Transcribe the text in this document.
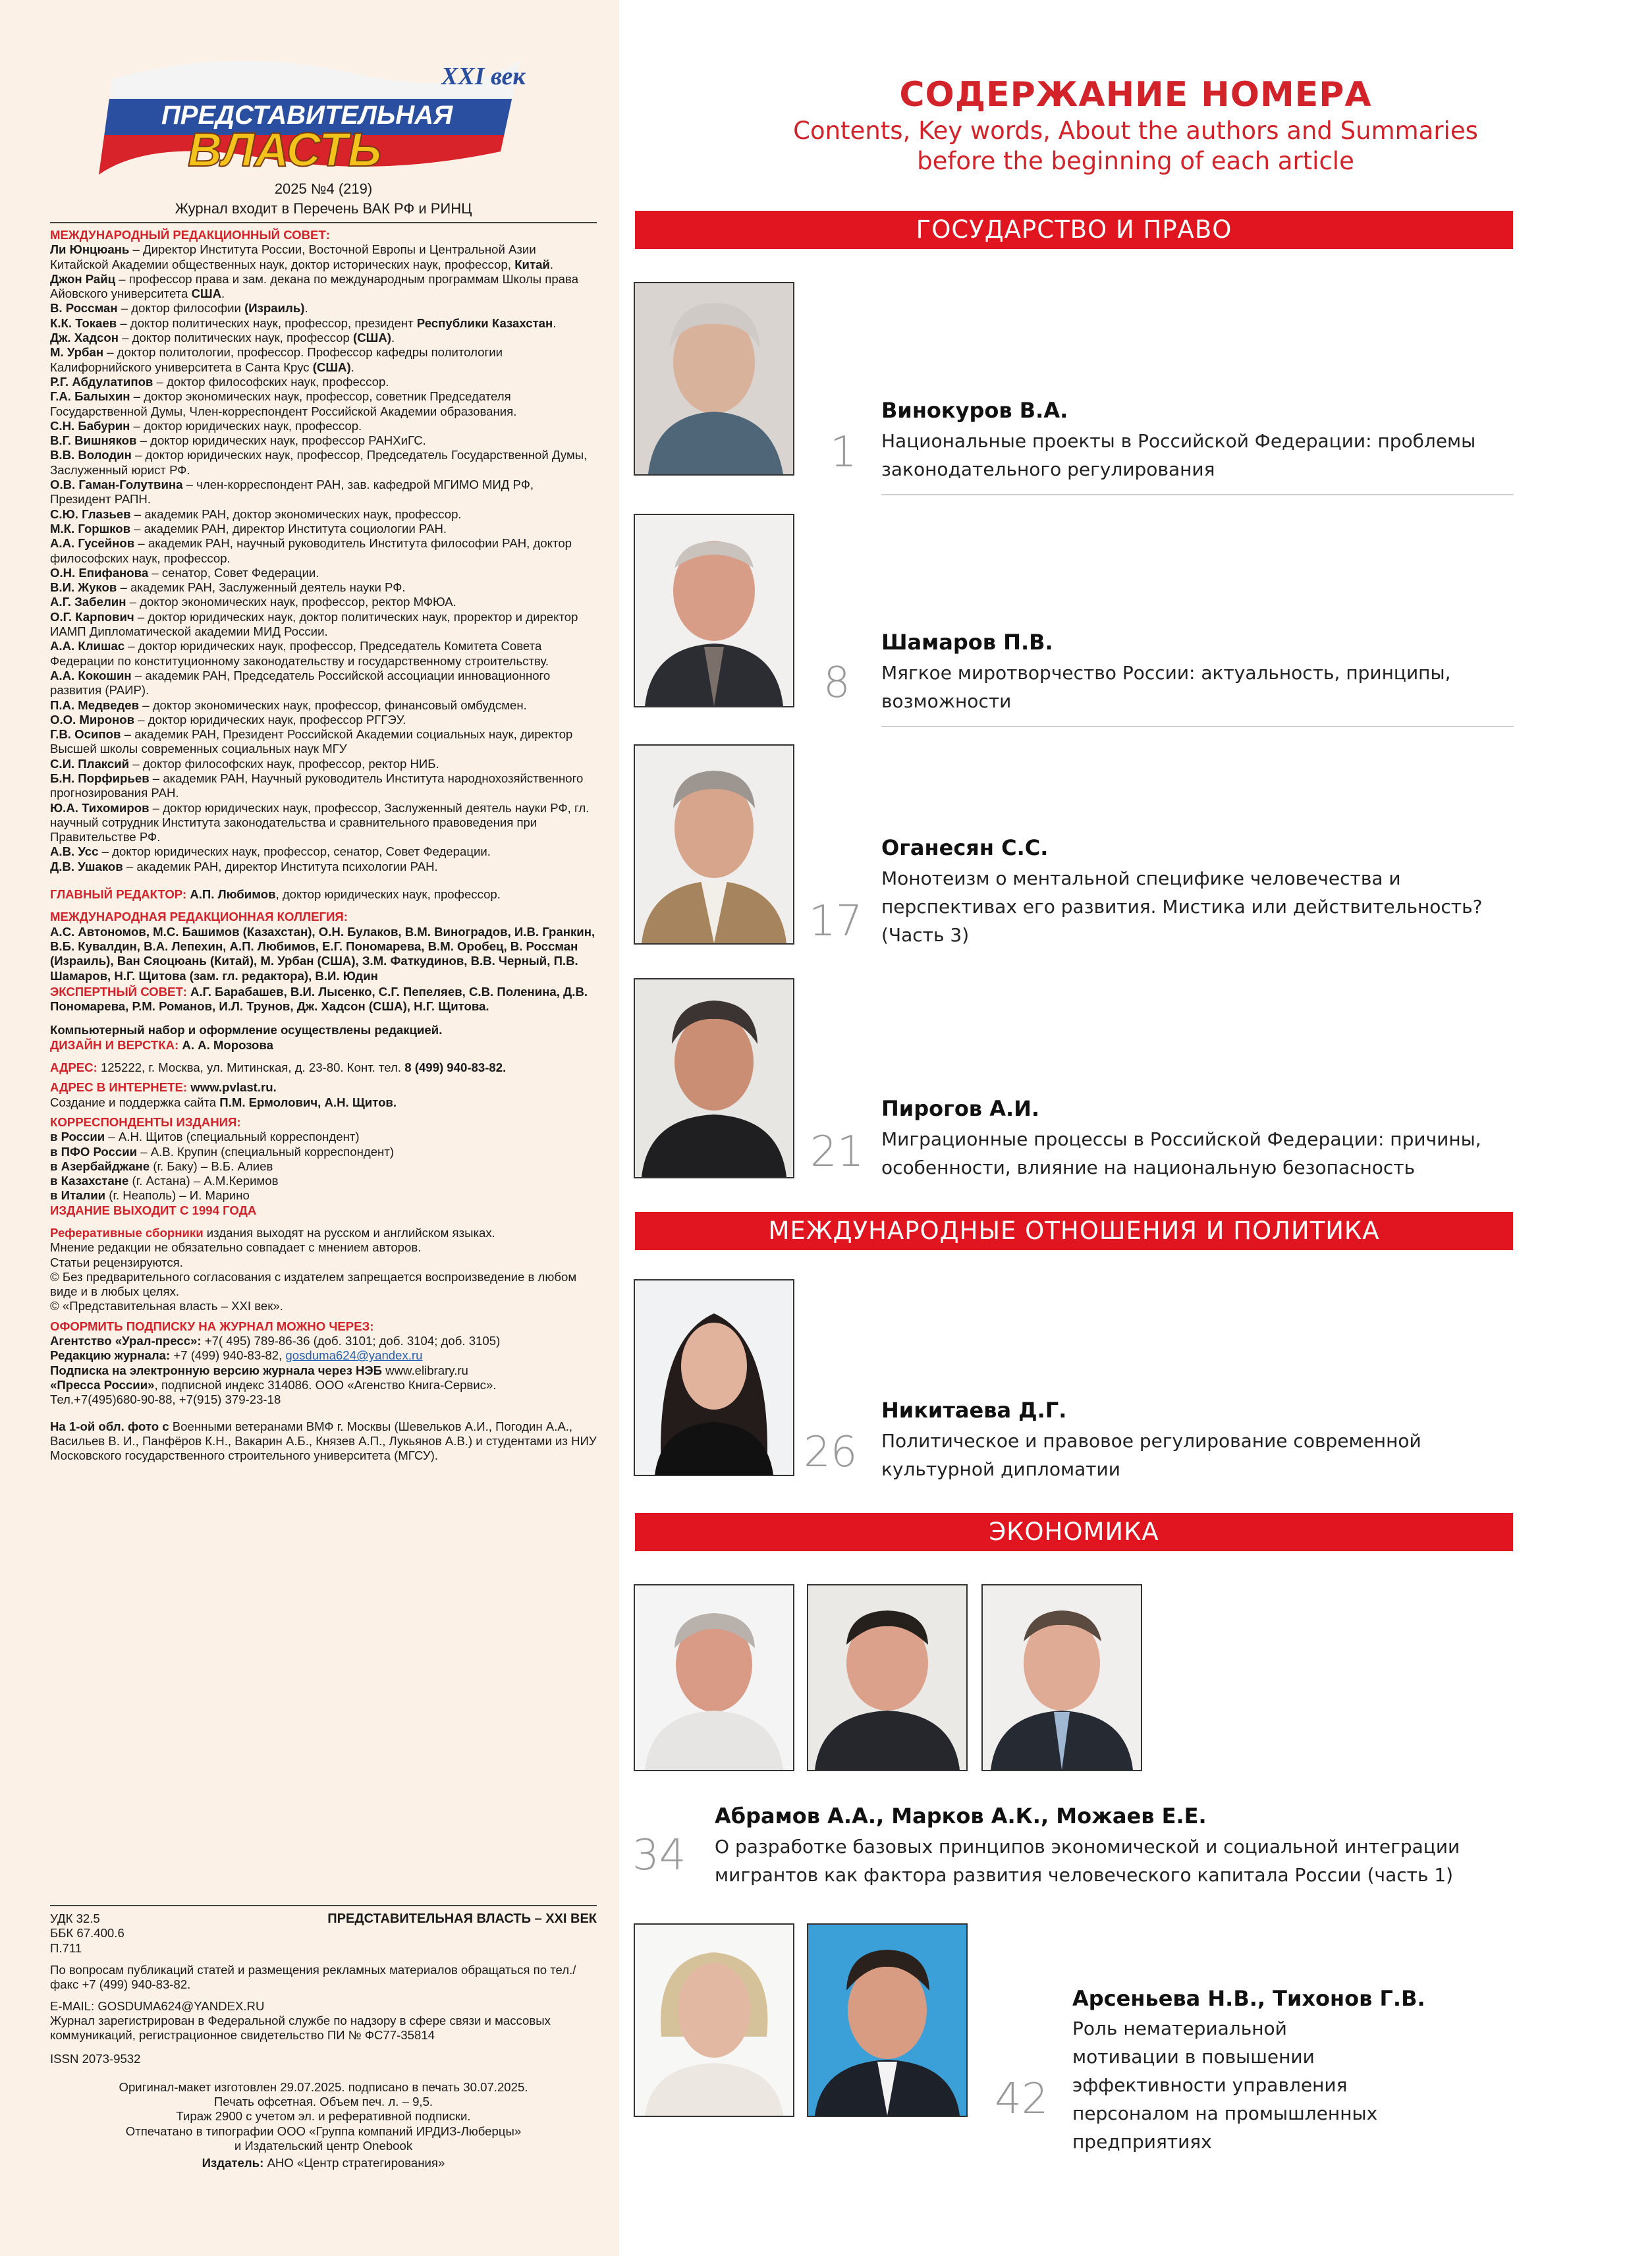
XXI век
ПРЕДСТАВИТЕЛЬНАЯ
ВЛАСТЬ
2025 №4 (219)
Журнал входит в Перечень ВАК РФ и РИНЦ
МЕЖДУНАРОДНЫЙ РЕДАКЦИОННЫЙ СОВЕТ:
Ли Юнцюань – Директор Института России, Восточной Европы и Центральной Азии Китайской Академии общественных наук, доктор исторических наук, профессор, Китай.
Джон Райц – профессор права и зам. декана по международным программам Школы права Айовского университета США.
В. Россман – доктор философии (Израиль).
К.К. Токаев – доктор политических наук, профессор, президент Республики Казахстан.
Дж. Хадсон – доктор политических наук, профессор (США).
М. Урбан – доктор политологии, профессор. Профессор кафедры политологии Калифорнийского университета в Санта Крус (США).
Р.Г. Абдулатипов – доктор философских наук, профессор.
Г.А. Балыхин – доктор экономических наук, профессор, советник Председателя Государственной Думы, Член-корреспондент Российской Академии образования.
С.Н. Бабурин – доктор юридических наук, профессор.
В.Г. Вишняков – доктор юридических наук, профессор РАНХиГС.
В.В. Володин – доктор юридических наук, профессор, Председатель Государственной Думы, Заслуженный юрист РФ.
О.В. Гаман-Голутвина – член-корреспондент РАН, зав. кафедрой МГИМО МИД РФ, Президент РАПН.
С.Ю. Глазьев – академик РАН, доктор экономических наук, профессор.
М.К. Горшков – академик РАН, директор Института социологии РАН.
А.А. Гусейнов – академик РАН, научный руководитель Института философии РАН, доктор философских наук, профессор.
О.Н. Епифанова – сенатор, Совет Федерации.
В.И. Жуков – академик РАН, Заслуженный деятель науки РФ.
А.Г. Забелин – доктор экономических наук, профессор, ректор МФЮА.
О.Г. Карпович – доктор юридических наук, доктор политических наук, проректор и директор ИАМП Дипломатической академии МИД России.
А.А. Клишас – доктор юридических наук, профессор, Председатель Комитета Совета Федерации по конституционному законодательству и государственному строительству.
А.А. Кокошин – академик РАН, Председатель Российской ассоциации инновационного развития (РАИР).
П.А. Медведев – доктор экономических наук, профессор, финансовый омбудсмен.
О.О. Миронов – доктор юридических наук, профессор РГГЭУ.
Г.В. Осипов – академик РАН, Президент Российской Академии социальных наук, директор Высшей школы современных социальных наук МГУ
С.И. Плаксий – доктор философских наук, профессор, ректор НИБ.
Б.Н. Порфирьев – академик РАН, Научный руководитель Института народнохозяйственного прогнозирования РАН.
Ю.А. Тихомиров – доктор юридических наук, профессор, Заслуженный деятель науки РФ, гл. научный сотрудник Института законодательства и сравнительного правоведения при Правительстве РФ.
А.В. Усс – доктор юридических наук, профессор, сенатор, Совет Федерации.
Д.В. Ушаков – академик РАН, директор Института психологии РАН.
ГЛАВНЫЙ РЕДАКТОР: А.П. Любимов, доктор юридических наук, профессор.
МЕЖДУНАРОДНАЯ РЕДАКЦИОННАЯ КОЛЛЕГИЯ:
А.С. Автономов, М.С. Башимов (Казахстан), О.Н. Булаков, В.М. Виноградов, И.В. Гранкин, В.Б. Кувалдин, В.А. Лепехин, А.П. Любимов, Е.Г. Пономарева, В.М. Оробец, В. Россман (Израиль), Ван Сяоцюань (Китай), М. Урбан (США), З.М. Фаткудинов, В.В. Черный, П.В. Шамаров, Н.Г. Щитова (зам. гл. редактора), В.И. Юдин
ЭКСПЕРТНЫЙ СОВЕТ: А.Г. Барабашев, В.И. Лысенко, С.Г. Пепеляев, С.В. Поленина, Д.В. Пономарева, Р.М. Романов, И.Л. Трунов, Дж. Хадсон (США), Н.Г. Щитова.
Компьютерный набор и оформление осуществлены редакцией.
ДИЗАЙН И ВЕРСТКА: А. А. Морозова
АДРЕС: 125222, г. Москва, ул. Митинская, д. 23-80. Конт. тел. 8 (499) 940-83-82.
АДРЕС В ИНТЕРНЕТЕ: www.pvlast.ru.
Создание и поддержка сайта П.М. Ермолович, А.Н. Щитов.
КОРРЕСПОНДЕНТЫ ИЗДАНИЯ:
в России – А.Н. Щитов (специальный корреспондент)
в ПФО России – А.В. Крупин (специальный корреспондент)
в Азербайджане (г. Баку) – В.Б. Алиев
в Казахстане (г. Астана) – А.М.Керимов
в Италии (г. Неаполь) – И. Марино
ИЗДАНИЕ ВЫХОДИТ С 1994 ГОДА
Реферативные сборники издания выходят на русском и английском языках.
Мнение редакции не обязательно совпадает с мнением авторов.
Статьи рецензируются.
© Без предварительного согласования с издателем запрещается воспроизведение в любом виде и в любых целях.
© «Представительная власть – XXI век».
ОФОРМИТЬ ПОДПИСКУ НА ЖУРНАЛ МОЖНО ЧЕРЕЗ:
Агентство «Урал-пресс»: +7( 495) 789-86-36 (доб. 3101; доб. 3104; доб. 3105)
Редакцию журнала: +7 (499) 940-83-82, gosduma624@yandex.ru
Подписка на электронную версию журнала через НЭБ www.elibrary.ru
«Пресса России», подписной индекс 314086. ООО «Агенство Книга-Сервис».
Тел.+7(495)680-90-88, +7(915) 379-23-18
На 1-ой обл. фото с Военными ветеранами ВМФ г. Москвы (Шевельков А.И., Погодин А.А., Васильев В. И., Панфёров К.Н., Вакарин А.Б., Князев А.П., Лукьянов А.В.) и студентами из НИУ Московского государственного строительного университета (МГСУ).
УДК 32.5
ББК 67.400.6
П.711
ПРЕДСТАВИТЕЛЬНАЯ ВЛАСТЬ – XXI ВЕК
По вопросам публикаций статей и размещения рекламных материалов обращаться по тел./факс +7 (499) 940-83-82.
E-MAIL: GOSDUMA624@YANDEX.RU
Журнал зарегистрирован в Федеральной службе по надзору в сфере связи и массовых коммуникаций, регистрационное свидетельство ПИ № ФС77-35814
ISSN 2073-9532
Оригинал-макет изготовлен 29.07.2025. подписано в печать 30.07.2025.
Печать офсетная. Объем печ. л. – 9,5.
Тираж 2900 с учетом эл. и реферативной подписки.
Отпечатано в типографии ООО «Группа компаний ИРДИЗ-Люберцы»
и Издательский центр Onebook
Издатель: АНО «Центр стратегирования»
СОДЕРЖАНИЕ НОМЕРА
Contents, Key words, About the authors and Summaries
before the beginning of each article
ГОСУДАРСТВО И ПРАВО
МЕЖДУНАРОДНЫЕ ОТНОШЕНИЯ И ПОЛИТИКА
ЭКОНОМИКА
1
Винокуров В.А.
Национальные проекты в Российской Федерации: проблемы законодательного регулирования
8
Шамаров П.В.
Мягкое миротворчество России: актуальность, принципы, возможности
17
Оганесян С.С.
Монотеизм о ментальной специфике человечества и перспективах его развития. Мистика или действительность? (Часть 3)
21
Пирогов А.И.
Миграционные процессы в Российской Федерации: причины, особенности, влияние на национальную безопасность
26
Никитаева Д.Г.
Политическое и правовое регулирование современной культурной дипломатии
34
Абрамов А.А., Марков А.К., Можаев Е.Е.
О разработке базовых принципов экономической и социальной интеграции мигрантов как фактора развития человеческого капитала России (часть 1)
42
Арсеньева Н.В., Тихонов Г.В.
Роль нематериальной мотивации в повышении эффективности управления персоналом на промышленных предприятиях
